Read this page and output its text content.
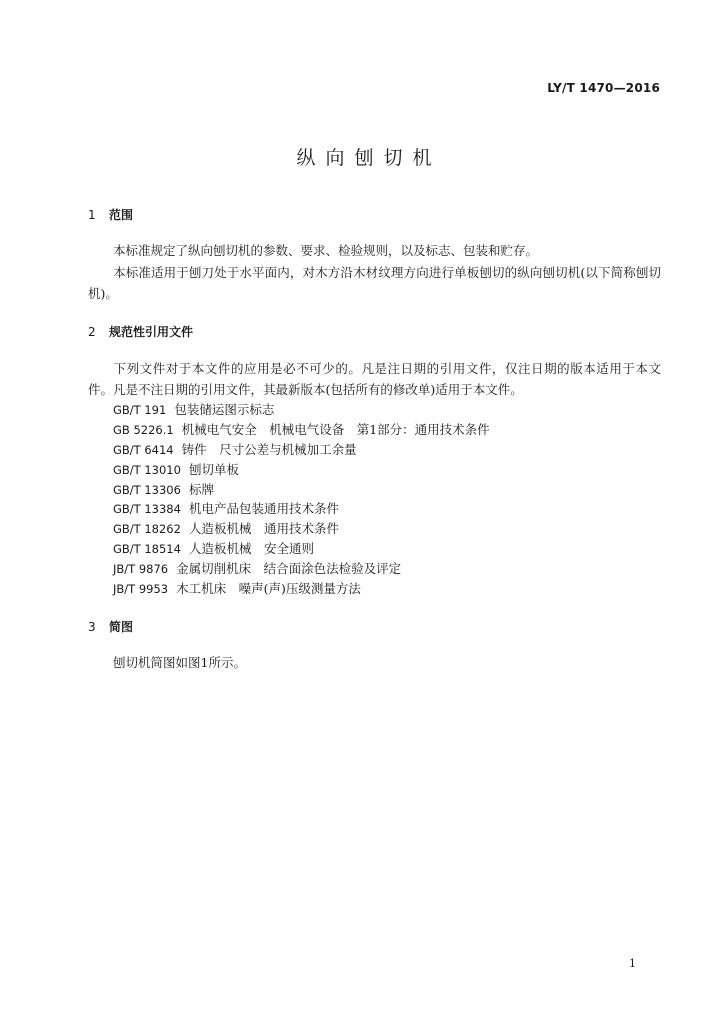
LY/T 1470—2016
纵向刨切机
1 范围
本标准规定了纵向刨切机的参数、要求、检验规则，以及标志、包装和贮存。
本标准适用于刨刀处于水平面内，对木方沿木材纹理方向进行单板刨切的纵向刨切机(以下简称刨切机)。
2 规范性引用文件
下列文件对于本文件的应用是必不可少的。凡是注日期的引用文件，仅注日期的版本适用于本文件。凡是不注日期的引用文件，其最新版本(包括所有的修改单)适用于本文件。
GB/T 191 包装储运图示标志
GB 5226.1 机械电气安全　机械电气设备　第1部分：通用技术条件
GB/T 6414 铸件　尺寸公差与机械加工余量
GB/T 13010 刨切单板
GB/T 13306 标牌
GB/T 13384 机电产品包装通用技术条件
GB/T 18262 人造板机械　通用技术条件
GB/T 18514 人造板机械　安全通则
JB/T 9876 金属切削机床　结合面涂色法检验及评定
JB/T 9953 木工机床　噪声(声)压级测量方法
3 简图
刨切机简图如图1所示。
1
